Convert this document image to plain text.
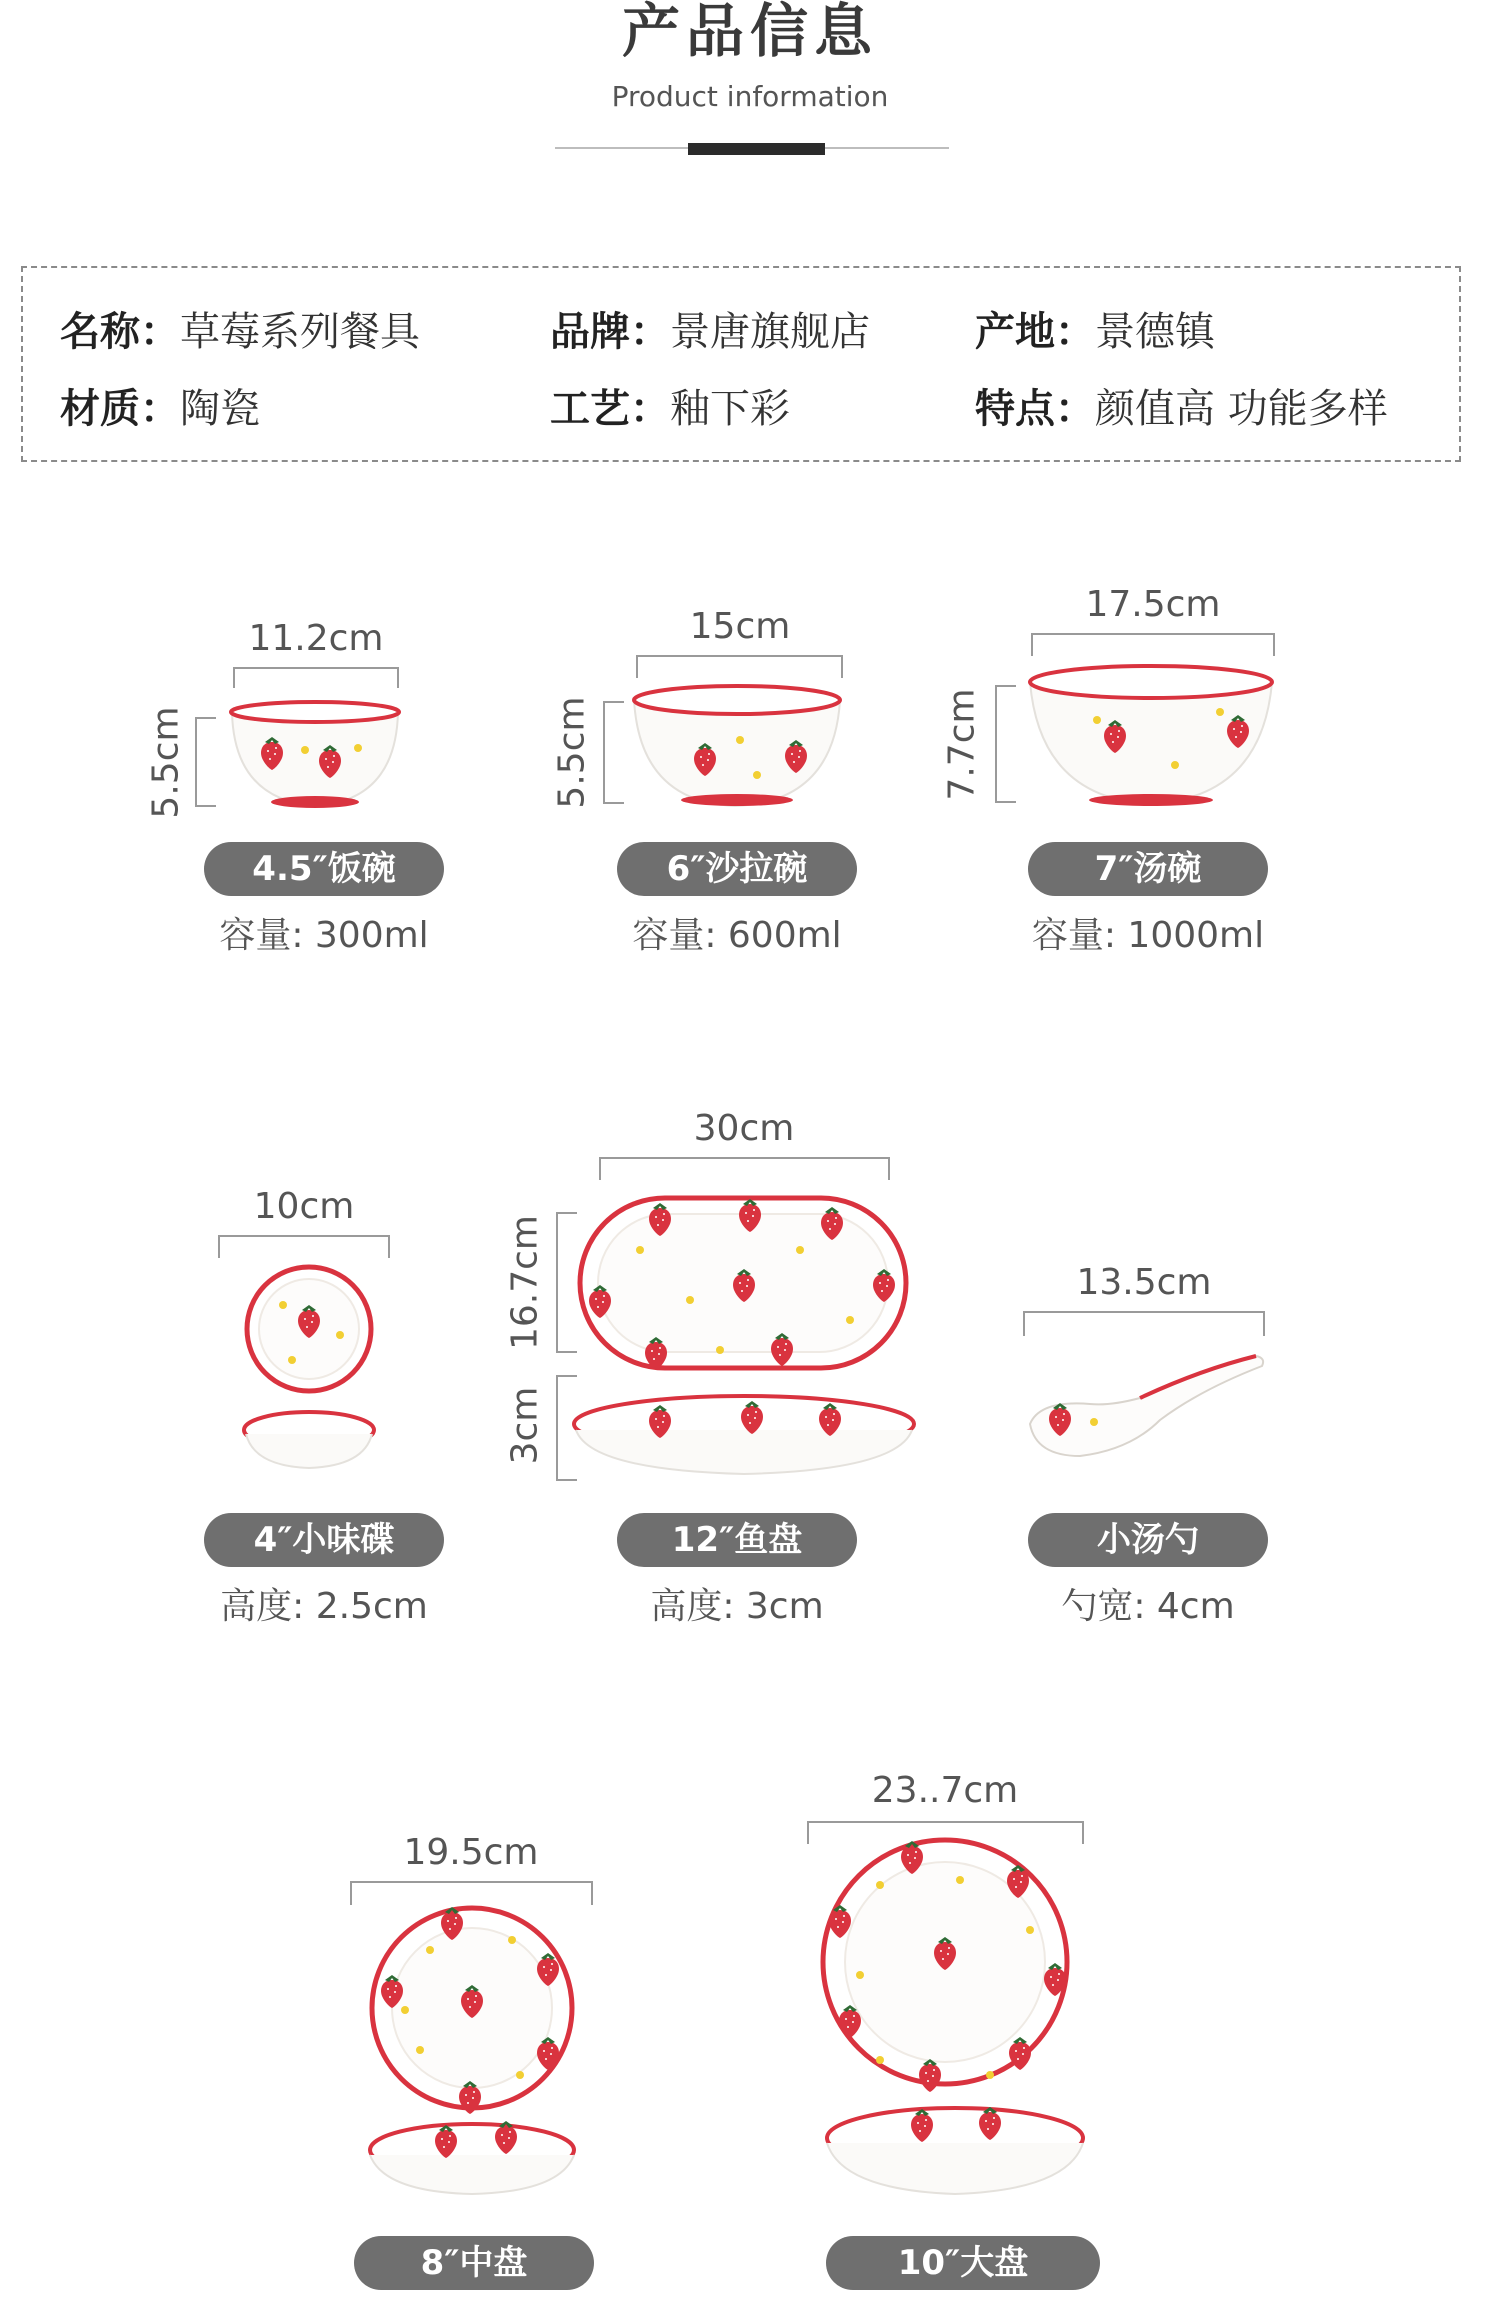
产品信息
Product information
名称：草莓系列餐具	品牌：景唐旗舰店	产地：景德镇
材质：陶瓷	工艺：釉下彩	特点：颜值高 功能多样
11.2cm
5.5cm
15cm
5.5cm
17.5cm
7.7cm
10cm
30cm
16.7cm
3cm
13.5cm
19.5cm
23..7cm
4.5″饭碗
容量: 300ml
6″沙拉碗
容量: 600ml
7″汤碗
容量: 1000ml
4″小味碟
高度: 2.5cm
12″鱼盘
高度: 3cm
小汤勺
勺宽: 4cm
8″中盘	10″大盘
